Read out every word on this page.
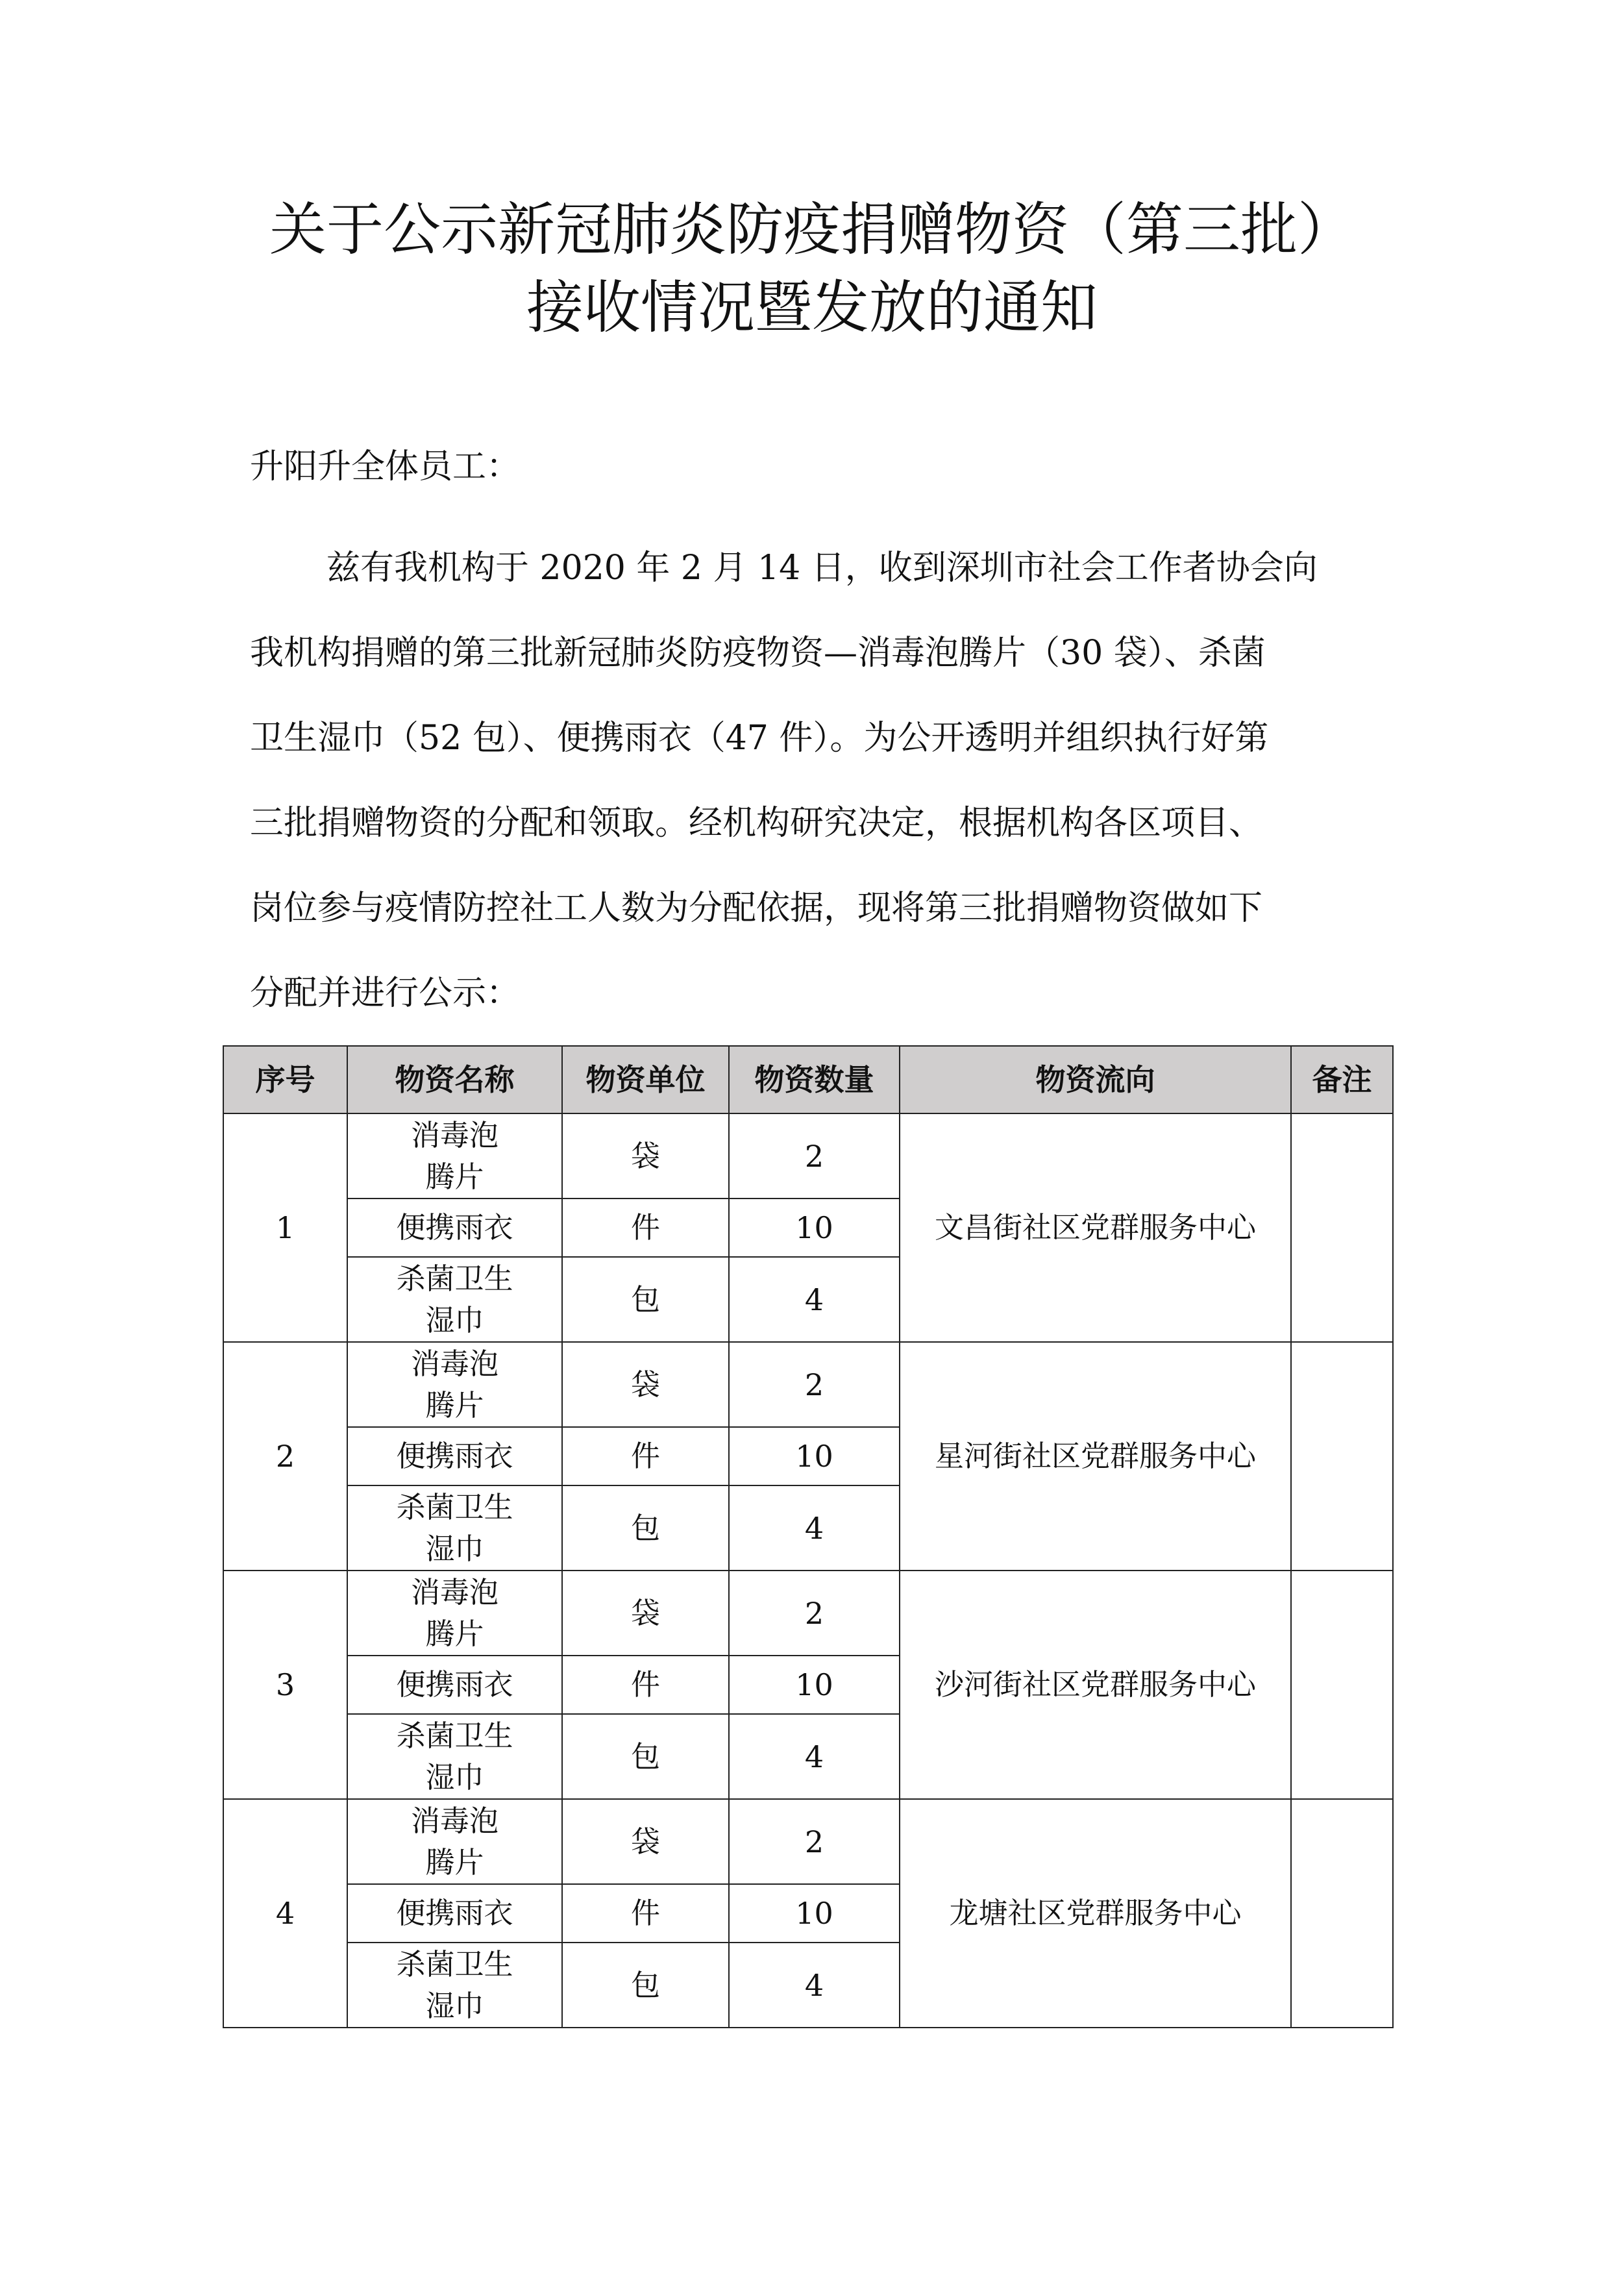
关于公示新冠肺炎防疫捐赠物资（第三批）
接收情况暨发放的通知
升阳升全体员工：
兹有我机构于 2020 年 2 月 14 日，收到深圳市社会工作者协会向
我机构捐赠的第三批新冠肺炎防疫物资—消毒泡腾片（30 袋）、杀菌
卫生湿巾（52 包）、便携雨衣（47 件）。为公开透明并组织执行好第
三批捐赠物资的分配和领取。经机构研究决定，根据机构各区项目、
岗位参与疫情防控社工人数为分配依据，现将第三批捐赠物资做如下
分配并进行公示：
序号	物资名称	物资单位	物资数量	物资流向	备注
1	消毒泡
腾片	袋	2	文昌街社区党群服务中心	

	便携雨衣	件	10		

	杀菌卫生
湿巾	包	4		
2	消毒泡
腾片	袋	2	星河街社区党群服务中心	

	便携雨衣	件	10		

	杀菌卫生
湿巾	包	4		
3	消毒泡
腾片	袋	2	沙河街社区党群服务中心	

	便携雨衣	件	10		

	杀菌卫生
湿巾	包	4		
4	消毒泡
腾片	袋	2	龙塘社区党群服务中心	

	便携雨衣	件	10		

	杀菌卫生
湿巾	包	4		
